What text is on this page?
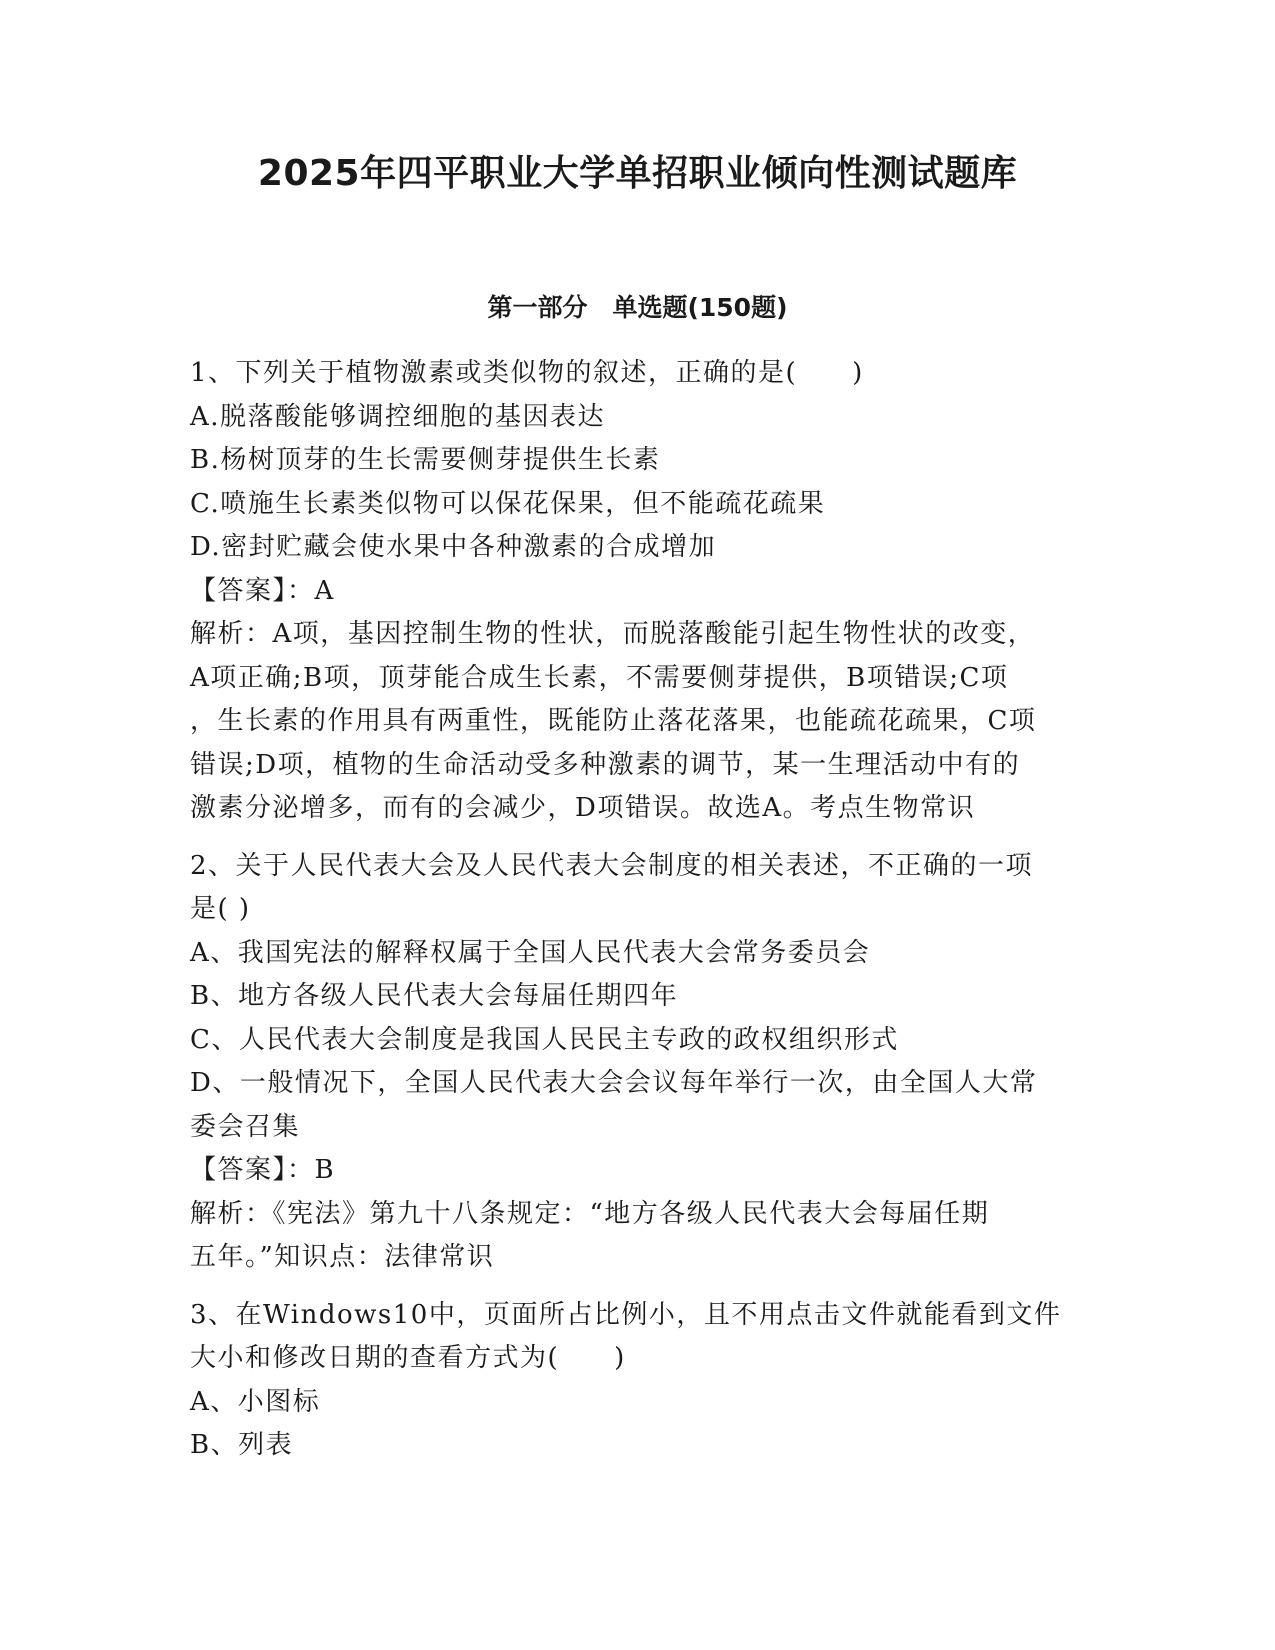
2025年四平职业大学单招职业倾向性测试题库
第一部分　单选题(150题)
1、下列关于植物激素或类似物的叙述，正确的是(　　)
A.脱落酸能够调控细胞的基因表达
B.杨树顶芽的生长需要侧芽提供生长素
C.喷施生长素类似物可以保花保果，但不能疏花疏果
D.密封贮藏会使水果中各种激素的合成增加
【答案】：A
解析：A项，基因控制生物的性状，而脱落酸能引起生物性状的改变，
A项正确;B项，顶芽能合成生长素，不需要侧芽提供，B项错误;C项
，生长素的作用具有两重性，既能防止落花落果，也能疏花疏果，C项
错误;D项，植物的生命活动受多种激素的调节，某一生理活动中有的
激素分泌增多，而有的会减少，D项错误。故选A。考点生物常识
2、关于人民代表大会及人民代表大会制度的相关表述，不正确的一项
是( )
A、我国宪法的解释权属于全国人民代表大会常务委员会
B、地方各级人民代表大会每届任期四年
C、人民代表大会制度是我国人民民主专政的政权组织形式
D、一般情况下，全国人民代表大会会议每年举行一次，由全国人大常
委会召集
【答案】：B
解析：《宪法》第九十八条规定：“地方各级人民代表大会每届任期
五年。”知识点：法律常识
3、在Windows10中，页面所占比例小，且不用点击文件就能看到文件
大小和修改日期的查看方式为(　　)
A、小图标
B、列表
